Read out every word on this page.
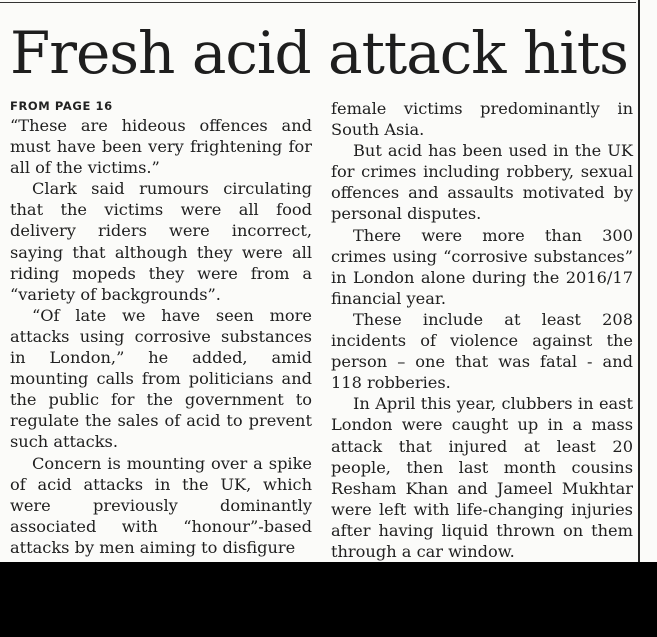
Fresh acid attack hits
FROM PAGE 16

“These are hideous offences and must have been very frightening for all of the victims.”

Clark said rumours circulating that the victims were all food delivery riders were incorrect, saying that although they were all riding mopeds they were from a “variety of backgrounds”.

“Of late we have seen more attacks using corrosive substances in London,” he added, amid mounting calls from politicians and the public for the government to regulate the sales of acid to prevent such attacks.

Concern is mounting over a spike of acid attacks in the UK, which were previously dominantly associated with “honour”-based attacks by men aiming to disfigure

female victims predominantly in South Asia.

But acid has been used in the UK for crimes including robbery, sexual offences and assaults motivated by personal disputes.

There were more than 300 crimes using “corrosive substances” in London alone during the 2016/17 financial year.

These include at least 208 incidents of violence against the person – one that was fatal - and 118 robberies.

In April this year, clubbers in east London were caught up in a mass attack that injured at least 20 people, then last month cousins Resham Khan and Jameel Mukhtar were left with life-changing injuries after having liquid thrown on them through a car window.
